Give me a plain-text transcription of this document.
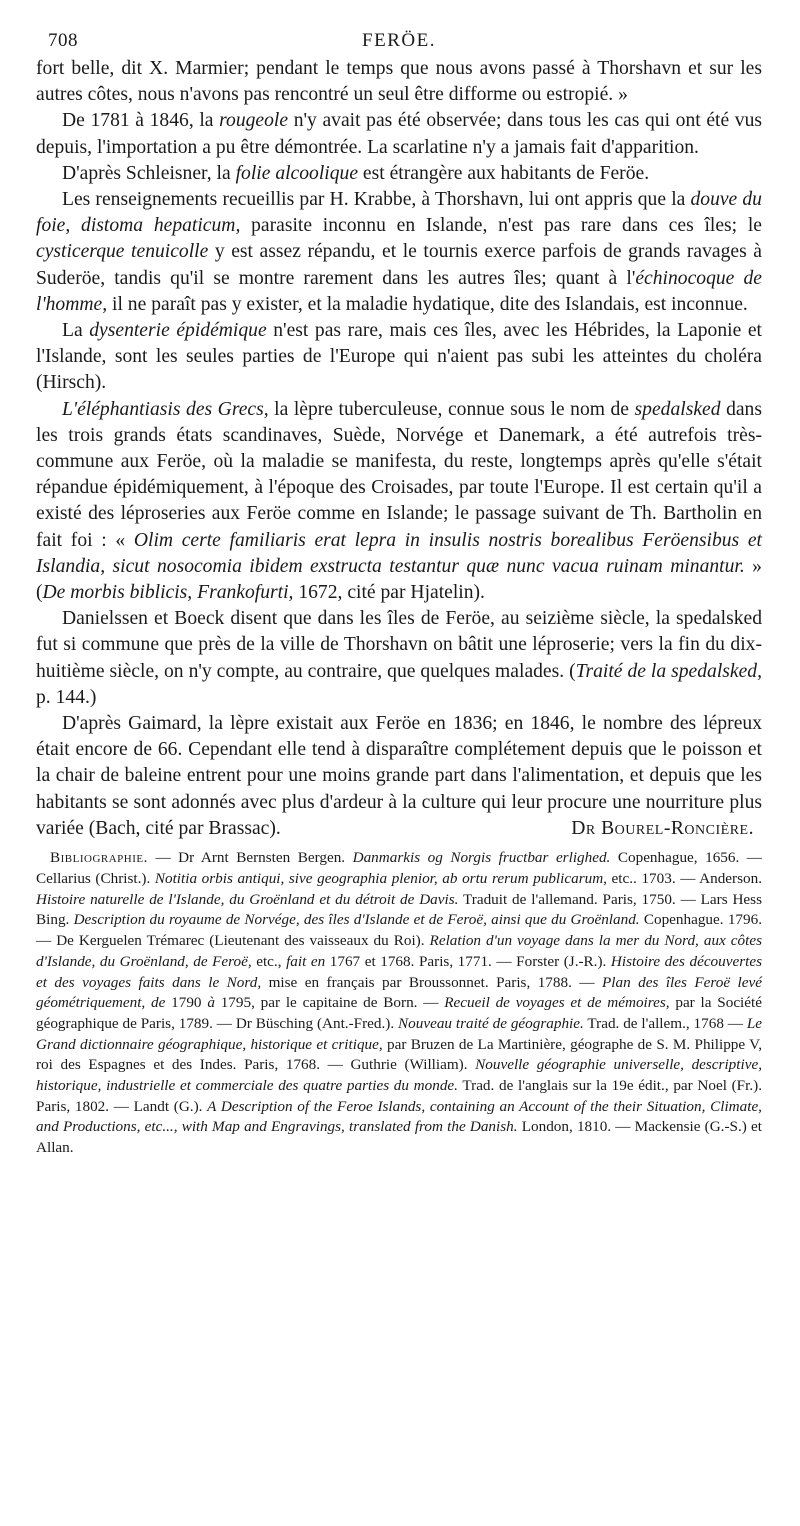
708	FERÖE.

fort belle, dit X. Marmier; pendant le temps que nous avons passé à Thorshavn et sur les autres côtes, nous n'avons pas rencontré un seul être difforme ou estropié. »

De 1781 à 1846, la rougeole n'y avait pas été observée; dans tous les cas qui ont été vus depuis, l'importation a pu être démontrée. La scarlatine n'y a jamais fait d'apparition.

D'après Schleisner, la folie alcoolique est étrangère aux habitants de Feröe.

Les renseignements recueillis par H. Krabbe, à Thorshavn, lui ont appris que la douve du foie, distoma hepaticum, parasite inconnu en Islande, n'est pas rare dans ces îles; le cysticerque tenuicolle y est assez répandu, et le tournis exerce parfois de grands ravages à Suderöe, tandis qu'il se montre rarement dans les autres îles; quant à l'échinocoque de l'homme, il ne paraît pas y exister, et la maladie hydatique, dite des Islandais, est inconnue.

La dysenterie épidémique n'est pas rare, mais ces îles, avec les Hébrides, la Laponie et l'Islande, sont les seules parties de l'Europe qui n'aient pas subi les atteintes du choléra (Hirsch).

L'éléphantiasis des Grecs, la lèpre tuberculeuse, connue sous le nom de spedalsked dans les trois grands états scandinaves, Suède, Norvége et Danemark, a été autrefois très-commune aux Feröe, où la maladie se manifesta, du reste, longtemps après qu'elle s'était répandue épidémiquement, à l'époque des Croisades, par toute l'Europe. Il est certain qu'il a existé des léproseries aux Feröe comme en Islande; le passage suivant de Th. Bartholin en fait foi : « Olim certe familiaris erat lepra in insulis nostris borealibus Feröensibus et Islandia, sicut nosocomia ibidem exstructa testantur quæ nunc vacua ruinam minantur. » (De morbis biblicis, Frankofurti, 1672, cité par Hjatelin).

Danielssen et Boeck disent que dans les îles de Feröe, au seizième siècle, la spedalsked fut si commune que près de la ville de Thorshavn on bâtit une léproserie; vers la fin du dix-huitième siècle, on n'y compte, au contraire, que quelques malades. (Traité de la spedalsked, p. 144.)

D'après Gaimard, la lèpre existait aux Feröe en 1836; en 1846, le nombre des lépreux était encore de 66. Cependant elle tend à disparaître complétement depuis que le poisson et la chair de baleine entrent pour une moins grande part dans l'alimentation, et depuis que les habitants se sont adonnés avec plus d'ardeur à la culture qui leur procure une nourriture plus variée (Bach, cité par Brassac).	Dr Bourel-Roncière.

Bibliographie. — Dr Arnt Bernsten Bergen. Danmarkis og Norgis fructbar erlighed. Copenhague, 1656. — Cellarius (Christ.). Notitia orbis antiqui, sive geographia plenior, ab ortu rerum publicarum, etc.. 1703. — Anderson. Histoire naturelle de l'Islande, du Groënland et du détroit de Davis. Traduit de l'allemand. Paris, 1750. — Lars Hess Bing. Description du royaume de Norvége, des îles d'Islande et de Feroë, ainsi que du Groënland. Copenhague. 1796. — De Kerguelen Trémarec (Lieutenant des vaisseaux du Roi). Relation d'un voyage dans la mer du Nord, aux côtes d'Islande, du Groënland, de Feroë, etc., fait en 1767 et 1768. Paris, 1771. — Forster (J.-R.). Histoire des découvertes et des voyages faits dans le Nord, mise en français par Broussonnet. Paris, 1788. — Plan des îles Feroë levé géométriquement, de 1790 à 1795, par le capitaine de Born. — Recueil de voyages et de mémoires, par la Société géographique de Paris, 1789. — Dr Büsching (Ant.-Fred.). Nouveau traité de géographie. Trad. de l'allem., 1768 — Le Grand dictionnaire géographique, historique et critique, par Bruzen de La Martinière, géographe de S. M. Philippe V, roi des Espagnes et des Indes. Paris, 1768. — Guthrie (William). Nouvelle géographie universelle, descriptive, historique, industrielle et commerciale des quatre parties du monde. Trad. de l'anglais sur la 19e édit., par Noel (Fr.). Paris, 1802. — Landt (G.). A Description of the Feroe Islands, containing an Account of the their Situation, Climate, and Productions, etc..., with Map and Engravings, translated from the Danish. London, 1810. — Mackensie (G.-S.) et Allan.
